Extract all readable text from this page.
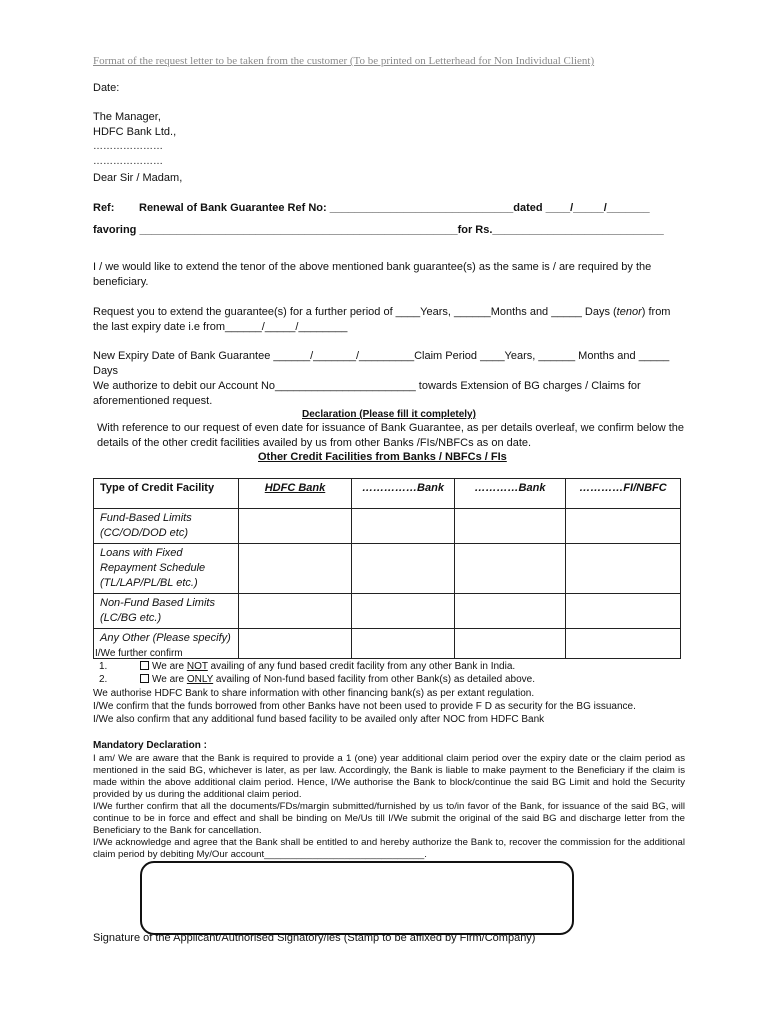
Format of the request letter to be taken from the customer (To be printed on Letterhead for Non Individual Client)
Date:
The Manager,
HDFC Bank Ltd.,
…………………
…………………
Dear Sir / Madam,
Ref: Renewal of Bank Guarantee Ref No: ______________________________dated ____/_____/_______
favoring ____________________________________________________for Rs.____________________________
I / we would like to extend the tenor of the above mentioned bank guarantee(s) as the same is / are required by the beneficiary.
Request you to extend the guarantee(s) for a further period of ____Years, ______Months and _____ Days (tenor) from the last expiry date i.e from______/_____/________
New Expiry Date of Bank Guarantee ______/_______/_________Claim Period ____Years, ______ Months and _____ Days
We authorize to debit our Account No_______________________ towards Extension of BG charges / Claims for aforementioned request.
Declaration (Please fill it completely)
With reference to our request of even date for issuance of Bank Guarantee, as per details overleaf, we confirm below the details of the other credit facilities availed by us from other Banks /FIs/NBFCs as on date.
Other Credit Facilities from Banks / NBFCs / FIs
Type of Credit Facility	HDFC Bank	……………Bank	…………Bank	…………FI/NBFC
Fund-Based Limits (CC/OD/DOD etc)				
Loans with Fixed Repayment Schedule (TL/LAP/PL/BL etc.)				
Non-Fund Based Limits (LC/BG etc.)				
Any Other (Please specify)				
I/We further confirm
1.	We are NOT availing of any fund based credit facility from any other Bank in India.
2.	We are ONLY availing of Non-fund based facility from other Bank(s) as detailed above.
We authorise HDFC Bank to share information with other financing bank(s) as per extant regulation.
I/We confirm that the funds borrowed from other Banks have not been used to provide F D as security for the BG issuance.
I/We also confirm that any additional fund based facility to be availed only after NOC from HDFC Bank
Mandatory Declaration :
I am/ We are aware that the Bank is required to provide a 1 (one) year additional claim period over the expiry date or the claim period as mentioned in the said BG, whichever is later, as per law. Accordingly, the Bank is liable to make payment to the Beneficiary if the claim is made within the above additional claim period. Hence, I/We authorise the Bank to block/continue the said BG Limit and hold the Security provided by us during the additional claim period.
I/We further confirm that all the documents/FDs/margin submitted/furnished by us to/in favor of the Bank, for issuance of the said BG, will continue to be in force and effect and shall be binding on Me/Us till I/We submit the original of the said BG and discharge letter from the Beneficiary to the Bank for cancellation.
I/We acknowledge and agree that the Bank shall be entitled to and hereby authorize the Bank to, recover the commission for the additional claim period by debiting My/Our account______________________________.
Signature of the Applicant/Authorised Signatory/ies (Stamp to be affixed by Firm/Company)
